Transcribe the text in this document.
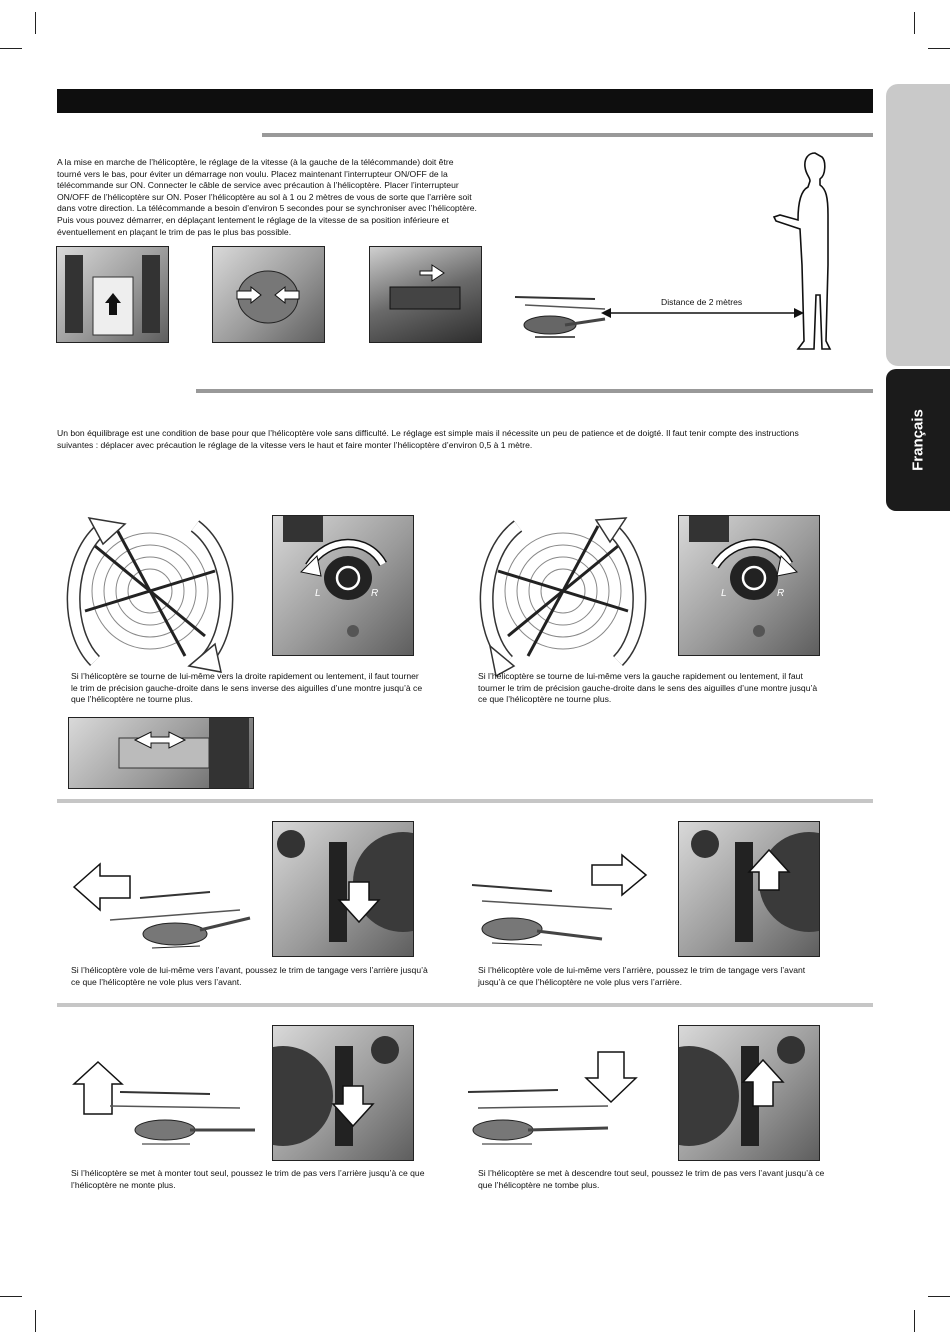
Français
A la mise en marche de l’hélicoptère, le réglage de la vitesse (à la gauche de la télécommande) doit être tourné vers le bas, pour éviter un démarrage non voulu. Placez maintenant l’interrupteur ON/OFF de la télécommande sur ON. Connecter le câble de service avec précaution à l’hélicoptère. Placer l’interrupteur ON/OFF de l’hélicoptère sur ON. Poser l’hélicoptère au sol à 1 ou 2 mètres de vous de sorte que l’arrière soit dans votre direction. La télécommande a besoin d’environ 5 secondes pour se synchroniser avec l’hélicoptère. Puis vous pouvez démarrer, en déplaçant lentement le réglage de la vitesse de sa position inférieure et éventuellement en plaçant le trim de pas le plus bas possible.
Distance de 2 mètres
Un bon équilibrage est une condition de base pour que l’hélicoptère vole sans difficulté. Le réglage est simple mais il nécessite un peu de patience et de doigté. Il faut tenir compte des instructions suivantes : déplacer avec précaution le réglage de la vitesse vers le haut et faire monter l’hélicoptère d’environ 0,5 à 1 mètre.
L	R
Si l’hélicoptère se tourne de lui-même vers la droite rapidement ou lentement, il faut tourner le trim de précision gauche-droite dans le sens inverse des aiguilles d’une montre jusqu’à ce que l’hélicoptère ne tourne plus.
L	R
Si l’hélicoptère se tourne de lui-même vers la gauche rapidement ou lentement, il faut tourner le trim de précision gauche-droite dans le sens des aiguilles d’une montre jusqu’à ce que l’hélicoptère ne tourne plus.
Si l’hélicoptère vole de lui-même vers l’avant, poussez le trim de tangage vers l’arrière jusqu’à ce que l’hélicoptère ne vole plus vers l’avant.
Si l’hélicoptère vole de lui-même vers l’arrière, poussez le trim de tangage vers l’avant jusqu’à ce que l’hélicoptère ne vole plus vers l’arrière.
Si l’hélicoptère se met à monter tout seul, poussez le trim de pas vers l’arrière jusqu’à ce que l’hélicoptère ne monte plus.
Si l’hélicoptère se met à descendre tout seul, poussez le trim de pas vers l’avant jusqu’à ce que l’hélicoptère ne tombe plus.
